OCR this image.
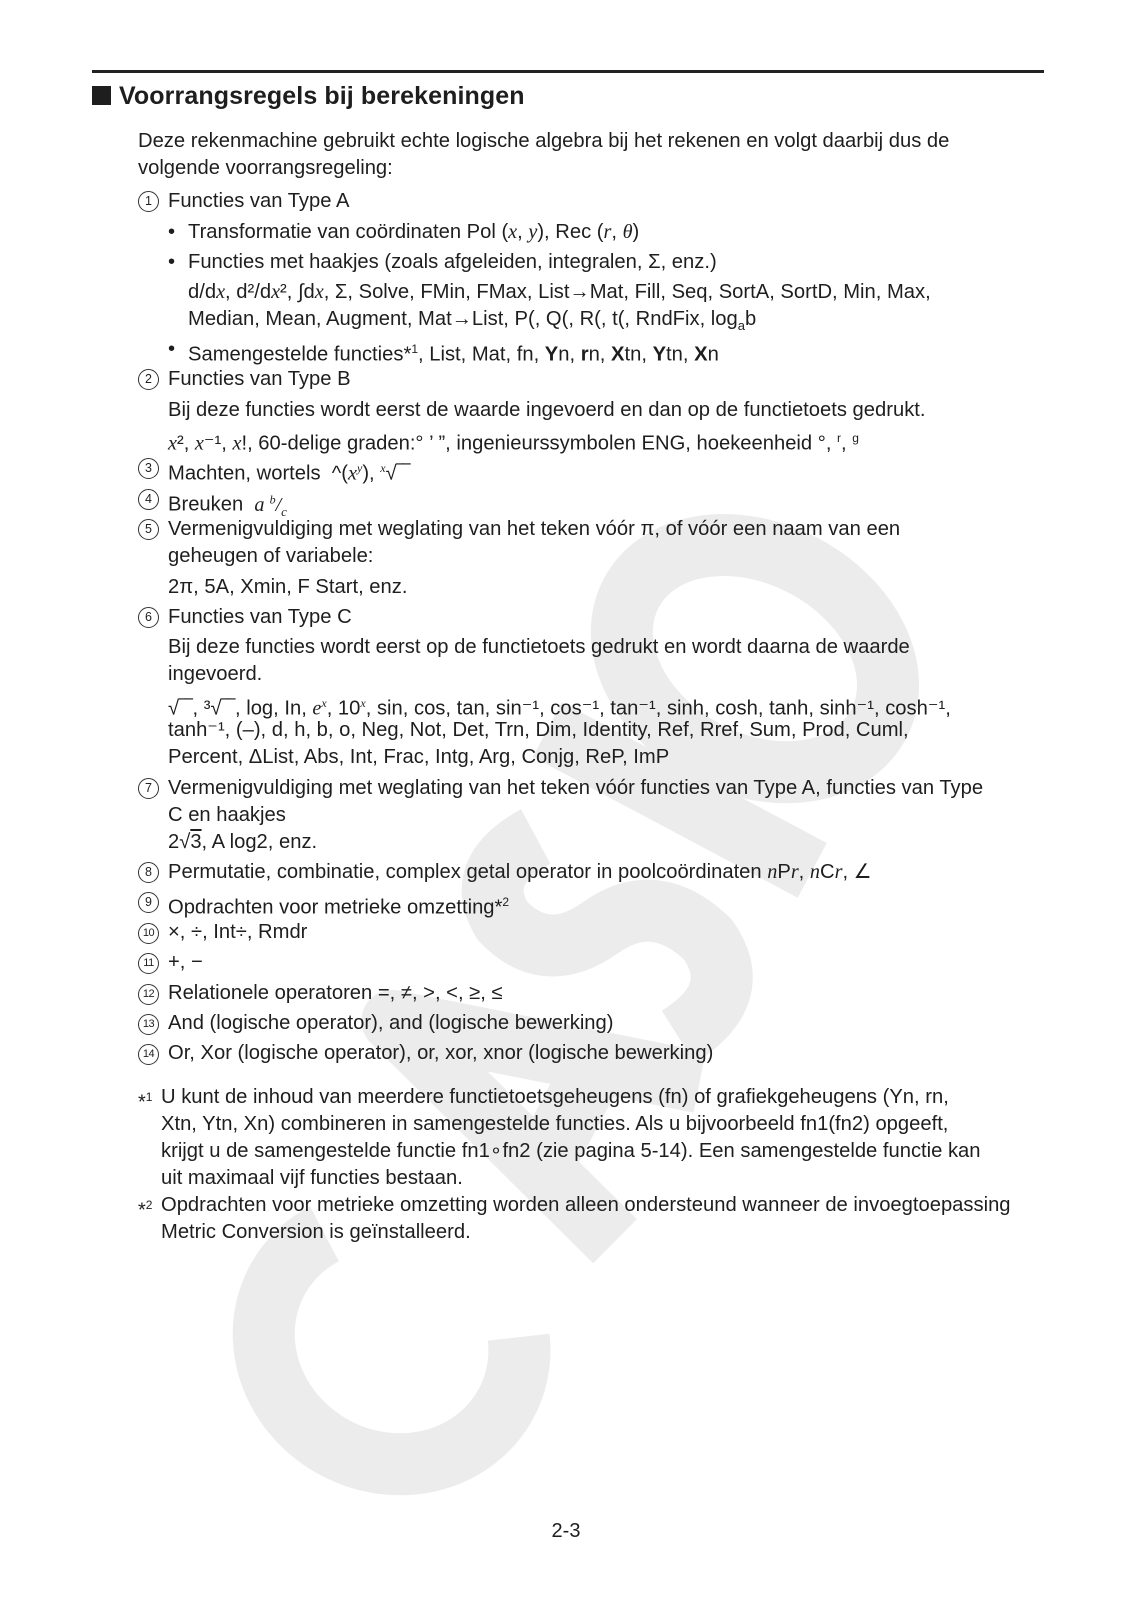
Voorrangsregels bij berekeningen
Deze rekenmachine gebruikt echte logische algebra bij het rekenen en volgt daarbij dus de
volgende voorrangsregeling:
1 Functies van Type A
• Transformatie van coördinaten Pol (x, y), Rec (r, θ)
• Functies met haakjes (zoals afgeleiden, integralen, Σ, enz.)
d/dx, d²/dx², ∫dx, Σ, Solve, FMin, FMax, List→Mat, Fill, Seq, SortA, SortD, Min, Max,
Median, Mean, Augment, Mat→List, P(, Q(, R(, t(, RndFix, $\log_ab$
• Samengestelde functies*$^1$, List, Mat, fn, Yn, rn, Xtn, Ytn, Xn
2 Functies van Type B
Bij deze functies wordt eerst de waarde ingevoerd en dan op de functietoets gedrukt.
x², x⁻¹, x!, 60-delige graden:° ’ ”, ingenieurssymbolen ENG, hoekeenheid °, $^r$, $^g$
3 Machten, wortels  $\^{}(x^y)$, $^x$√‾‾
4 Breuken a $^b/_c$
5 Vermenigvuldiging met weglating van het teken vóór π, of vóór een naam van een
geheugen of variabele:
2π, 5A, Xmin, F Start, enz.
6 Functies van Type C
Bij deze functies wordt eerst op de functietoets gedrukt en wordt daarna de waarde
ingevoerd.
√‾‾, ³√‾‾, log, In, $e^x$, 10$^x$, sin, cos, tan, sin⁻¹, cos⁻¹, tan⁻¹, sinh, cosh, tanh, sinh⁻¹, cosh⁻¹,
tanh⁻¹, (–), d, h, b, o, Neg, Not, Det, Trn, Dim, Identity, Ref, Rref, Sum, Prod, Cuml,
Percent, ΔList, Abs, Int, Frac, Intg, Arg, Conjg, ReP, ImP
7 Vermenigvuldiging met weglating van het teken vóór functies van Type A, functies van Type
C en haakjes
2√3, A log2, enz.
8 Permutatie, combinatie, complex getal operator in poolcoördinaten nPr, nCr, ∠
9 Opdrachten voor metrieke omzetting*$^2$
10 ×, ÷, Int÷, Rmdr
11 +, −
12 Relationele operatoren =, ≠, >, <, ≥, ≤
13 And (logische operator), and (logische bewerking)
14 Or, Xor (logische operator), or, xor, xnor (logische bewerking)
*$^1$ U kunt de inhoud van meerdere functietoetsgeheugens (fn) of grafiekgeheugens (Yn, rn,
Xtn, Ytn, Xn) combineren in samengestelde functies. Als u bijvoorbeeld fn1(fn2) opgeeft,
krijgt u de samengestelde functie fn1∘fn2 (zie pagina 5-14). Een samengestelde functie kan
uit maximaal vijf functies bestaan.
*$^2$ Opdrachten voor metrieke omzetting worden alleen ondersteund wanneer de invoegtoepassing
Metric Conversion is geïnstalleerd.
2-3
